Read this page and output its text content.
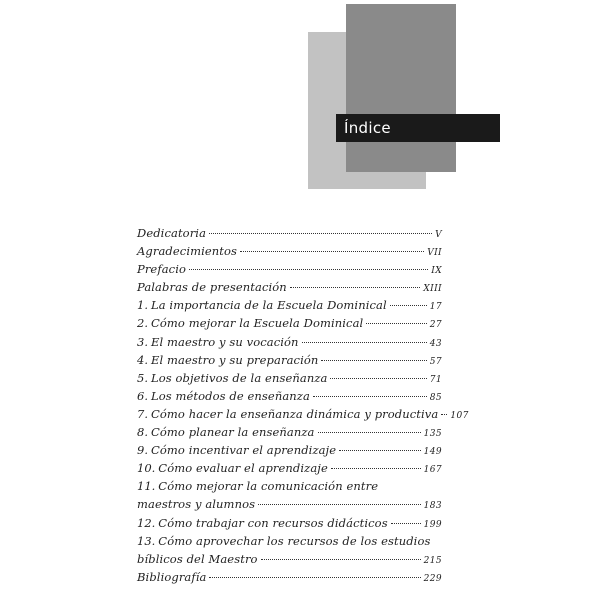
Índice
Dedicatoria	V
Agradecimientos	VII
Prefacio	IX
Palabras de presentación	XIII
1. La importancia de la Escuela Dominical	17
2. Cómo mejorar la Escuela Dominical	27
3. El maestro y su vocación	43
4. El maestro y su preparación	57
5. Los objetivos de la enseñanza	71
6. Los métodos de enseñanza	85
7. Cómo hacer la enseñanza dinámica y productiva 107
8. Cómo planear la enseñanza	135
9. Cómo incentivar el aprendizaje	149
10. Cómo evaluar el aprendizaje	167
11. Cómo mejorar la comunicación entre
maestros y alumnos	183
12. Cómo trabajar con recursos didácticos	199
13. Cómo aprovechar los recursos de los estudios
bíblicos del Maestro	215
Bibliografía	229
